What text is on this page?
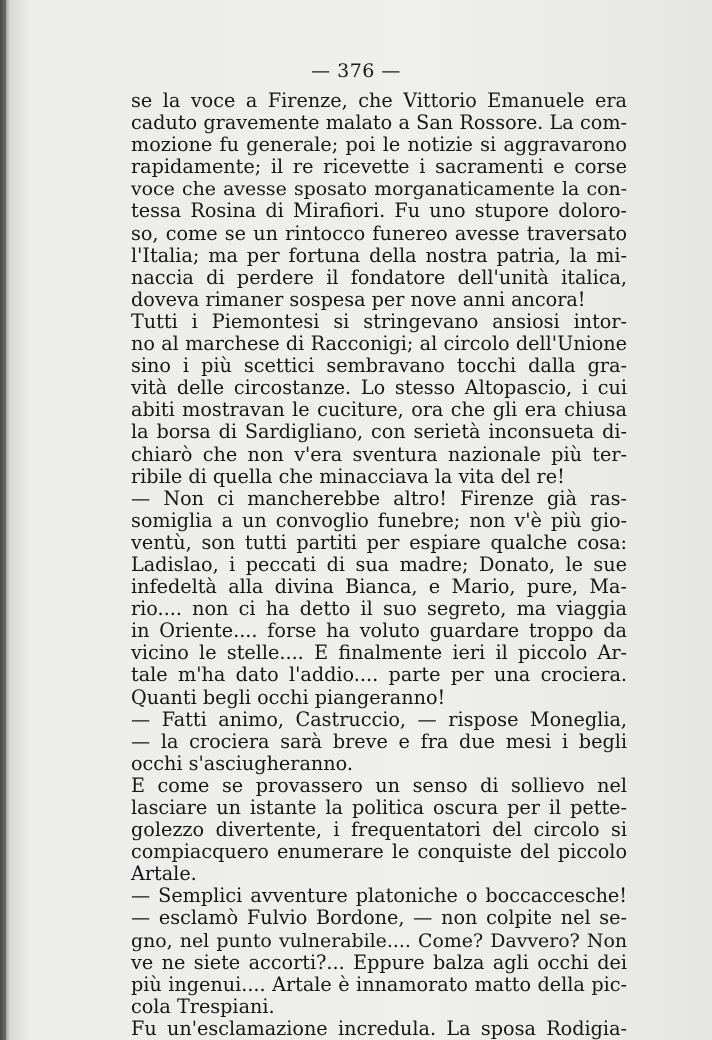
— 376 —
se la voce a Firenze, che Vittorio Emanuele era
caduto gravemente malato a San Rossore. La com-
mozione fu generale; poi le notizie si aggravarono
rapidamente; il re ricevette i sacramenti e corse
voce che avesse sposato morganaticamente la con-
tessa Rosina di Mirafiori. Fu uno stupore doloro-
so, come se un rintocco funereo avesse traversato
l'Italia; ma per fortuna della nostra patria, la mi-
naccia di perdere il fondatore dell'unità italica,
doveva rimaner sospesa per nove anni ancora!
Tutti i Piemontesi si stringevano ansiosi intor-
no al marchese di Racconigi; al circolo dell'Unione
sino i più scettici sembravano tocchi dalla gra-
vità delle circostanze. Lo stesso Altopascio, i cui
abiti mostravan le cuciture, ora che gli era chiusa
la borsa di Sardigliano, con serietà inconsueta di-
chiarò che non v'era sventura nazionale più ter-
ribile di quella che minacciava la vita del re!
— Non ci mancherebbe altro! Firenze già ras-
somiglia a un convoglio funebre; non v'è più gio-
ventù, son tutti partiti per espiare qualche cosa:
Ladislao, i peccati di sua madre; Donato, le sue
infedeltà alla divina Bianca, e Mario, pure, Ma-
rio.... non ci ha detto il suo segreto, ma viaggia
in Oriente.... forse ha voluto guardare troppo da
vicino le stelle.... E finalmente ieri il piccolo Ar-
tale m'ha dato l'addio.... parte per una crociera.
Quanti begli occhi piangeranno!
— Fatti animo, Castruccio, — rispose Moneglia,
— la crociera sarà breve e fra due mesi i begli
occhi s'asciugheranno.
E come se provassero un senso di sollievo nel
lasciare un istante la politica oscura per il pette-
golezzo divertente, i frequentatori del circolo si
compiacquero enumerare le conquiste del piccolo
Artale.
— Semplici avventure platoniche o boccaccesche!
— esclamò Fulvio Bordone, — non colpite nel se-
gno, nel punto vulnerabile.... Come? Davvero? Non
ve ne siete accorti?... Eppure balza agli occhi dei
più ingenui.... Artale è innamorato matto della pic-
cola Trespiani.
Fu un'esclamazione incredula. La sposa Rodigia-
